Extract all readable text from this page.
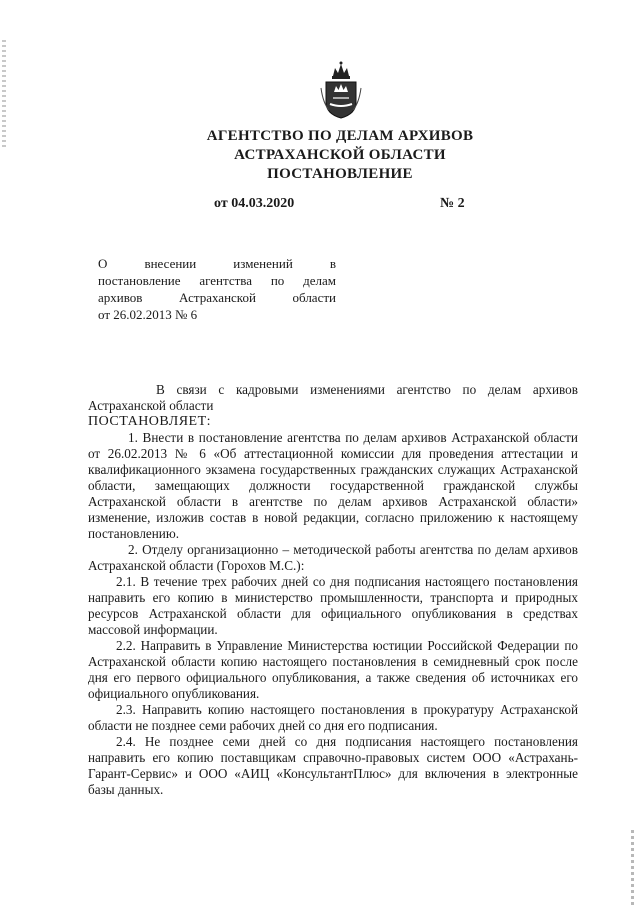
АГЕНТСТВО ПО ДЕЛАМ АРХИВОВ
АСТРАХАНСКОЙ ОБЛАСТИ
ПОСТАНОВЛЕНИЕ
от 04.03.2020	№ 2
О внесении изменений в
постановление агентства по делам
архивов Астраханской области
от 26.02.2013 № 6

В связи с кадровыми изменениями агентство по делам архивов Астраханской области

ПОСТАНОВЛЯЕТ:

1. Внести в постановление агентства по делам архивов Астраханской области от 26.02.2013 № 6 «Об аттестационной комиссии для проведения аттестации и квалификационного экзамена государственных гражданских служащих Астраханской области, замещающих должности государственной гражданской службы Астраханской области в агентстве по делам архивов Астраханской области» изменение, изложив состав в новой редакции, согласно приложению к настоящему постановлению.

2. Отделу организационно – методической работы агентства по делам архивов Астраханской области (Горохов М.С.):

2.1. В течение трех рабочих дней со дня подписания настоящего постановления направить его копию в министерство промышленности, транспорта и природных ресурсов Астраханской области для официального опубликования в средствах массовой информации.

2.2. Направить в Управление Министерства юстиции Российской Федерации по Астраханской области копию настоящего постановления в семидневный срок после дня его первого официального опубликования, а также сведения об источниках его официального опубликования.

2.3. Направить копию настоящего постановления в прокуратуру Астраханской области не позднее семи рабочих дней со дня его подписания.

2.4. Не позднее семи дней со дня подписания настоящего постановления направить его копию поставщикам справочно-правовых систем ООО «Астрахань-Гарант-Сервис» и ООО «АИЦ «КонсультантПлюс» для включения в электронные базы данных.
